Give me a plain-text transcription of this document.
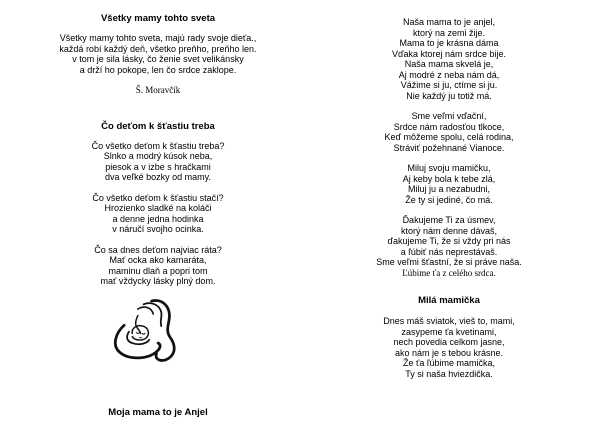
Všetky mamy tohto sveta
Všetky mamy tohto sveta, majú rady svoje dieťa.,
každá robí každý deň, všetko preňho, preňho len.
v tom je sila lásky, čo ženie svet velikánsky
a drží ho pokope, len čo srdce zaklope.
Š. Moravčík
Čo deťom k šťastiu treba
Čo všetko deťom k šťastiu treba?
Slnko a modrý kúsok neba,
piesok a v izbe s hračkami
dva veľké bozky od mamy.
Čo všetko deťom k šťastiu stačí?
Hrozienko sladké na koláči
a denne jedna hodinka
v náručí svojho ocinka.
Čo sa dnes deťom najviac ráta?
Mať ocka ako kamaráta,
maminu dlaň a popri tom
mať vždycky lásky plný dom.
Moja mama to je Anjel
Naša mama to je anjel,
ktorý na zemi žije.
Mama to je krásna dáma
Vďaka ktorej nám srdce bije.
Naša mama skvelá je,
Aj modré z neba nám dá,
Vážime si ju, ctíme si ju.
Nie každý ju totiž má.
Sme veľmi vďační,
Srdce nám radosťou tlkoce,
Keď môžeme spolu, celá rodina,
Stráviť požehnané Vianoce.
Miluj svoju mamičku,
Aj keby bola k tebe zlá,
Miluj ju a nezabudni,
Že ty si jediné, čo má.
Ďakujeme Ti za úsmev,
ktorý nám denne dávaš,
ďakujeme Ti, že si vždy pri nás
a ľúbiť nás neprestávaš.
Sme veľmi šťastní, že si práve naša.
Ľúbime ťa z celého srdca.
Milá mamička
Dnes máš sviatok, vieš to, mami,
zasypeme ťa kvetinami,
nech povedia celkom jasne,
ako nám je s tebou krásne.
Že ťa ľúbime mamička,
Ty si naša hviezdička.
